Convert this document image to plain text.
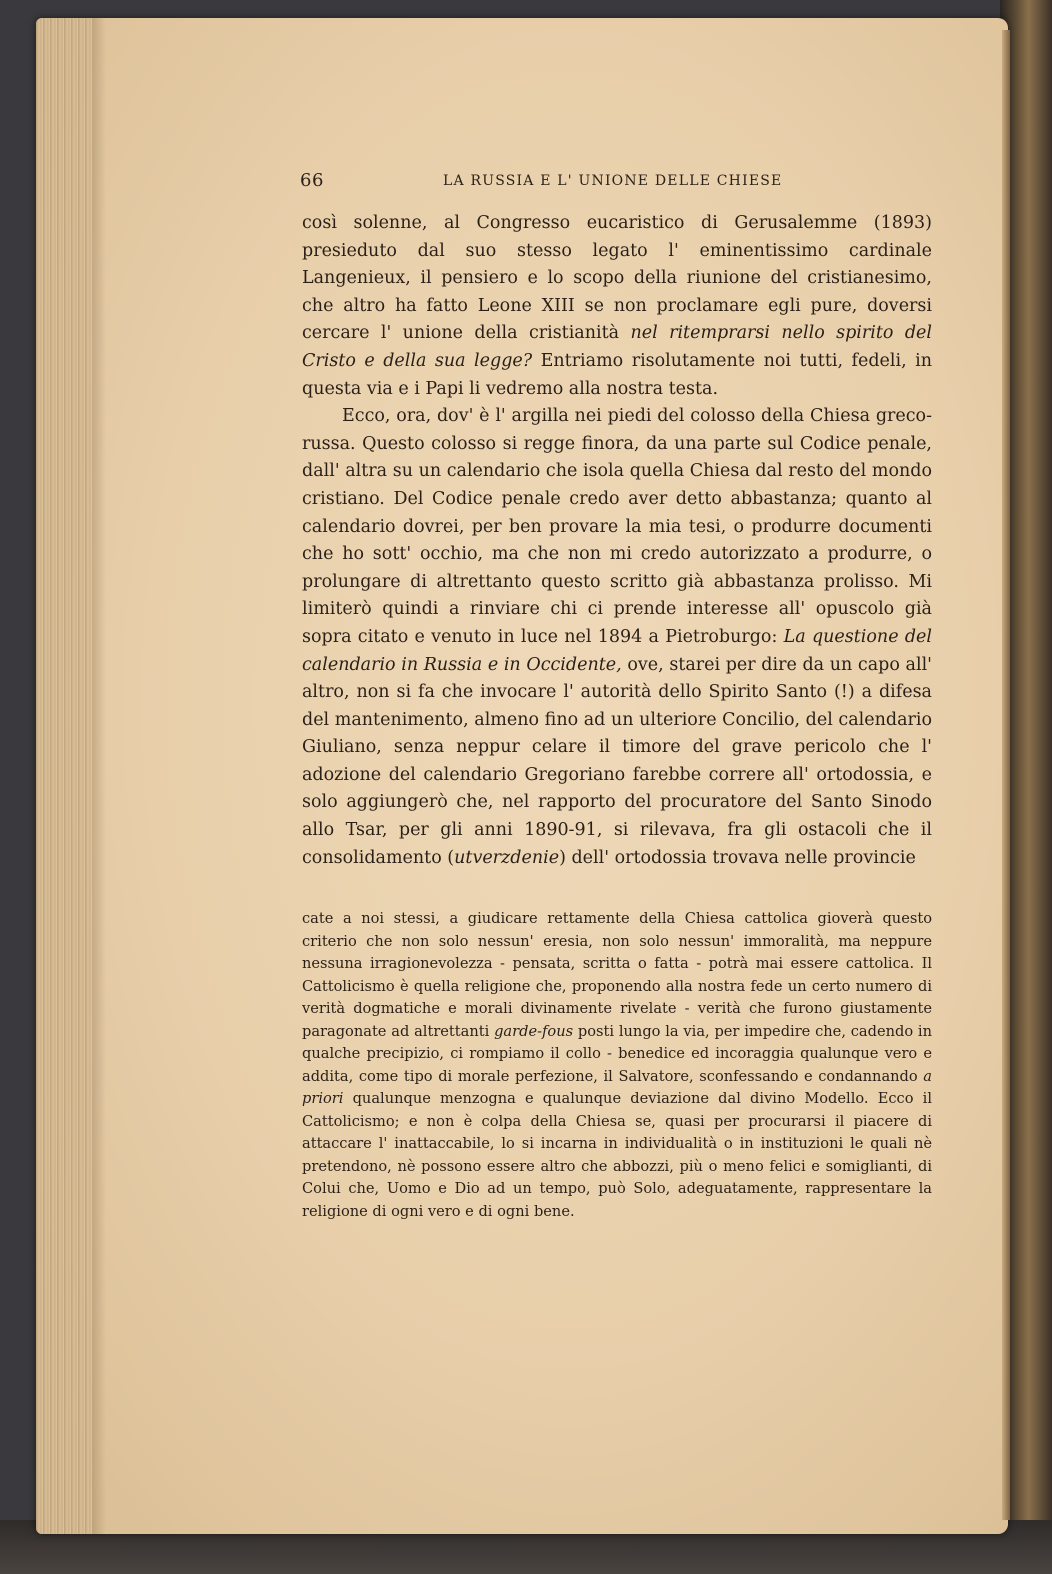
66	LA RUSSIA E L' UNIONE DELLE CHIESE

così solenne, al Congresso eucaristico di Gerusalemme (1893) presieduto dal suo stesso legato l' eminentissimo cardinale Langenieux, il pensiero e lo scopo della riunione del cristianesimo, che altro ha fatto Leone XIII se non proclamare egli pure, doversi cercare l' unione della cristianità nel ritemprarsi nello spirito del Cristo e della sua legge? Entriamo risolutamente noi tutti, fedeli, in questa via e i Papi li vedremo alla nostra testa.

Ecco, ora, dov' è l' argilla nei piedi del colosso della Chiesa greco-russa. Questo colosso si regge finora, da una parte sul Codice penale, dall' altra su un calendario che isola quella Chiesa dal resto del mondo cristiano. Del Codice penale credo aver detto abbastanza; quanto al calendario dovrei, per ben provare la mia tesi, o produrre documenti che ho sott' occhio, ma che non mi credo autorizzato a produrre, o prolungare di altrettanto questo scritto già abbastanza prolisso. Mi limiterò quindi a rinviare chi ci prende interesse all' opuscolo già sopra citato e venuto in luce nel 1894 a Pietroburgo: La questione del calendario in Russia e in Occidente, ove, starei per dire da un capo all' altro, non si fa che invocare l' autorità dello Spirito Santo (!) a difesa del mantenimento, almeno fino ad un ulteriore Concilio, del calendario Giuliano, senza neppur celare il timore del grave pericolo che l' adozione del calendario Gregoriano farebbe correre all' ortodossia, e solo aggiungerò che, nel rapporto del procuratore del Santo Sinodo allo Tsar, per gli anni 1890-91, si rilevava, fra gli ostacoli che il consolidamento (utverzdenie) dell' ortodossia trovava nelle provincie

cate a noi stessi, a giudicare rettamente della Chiesa cattolica gioverà questo criterio che non solo nessun' eresia, non solo nessun' immoralità, ma neppure nessuna irragionevolezza - pensata, scritta o fatta - potrà mai essere cattolica. Il Cattolicismo è quella religione che, proponendo alla nostra fede un certo numero di verità dogmatiche e morali divinamente rivelate - verità che furono giustamente paragonate ad altrettanti garde-fous posti lungo la via, per impedire che, cadendo in qualche precipizio, ci rompiamo il collo - benedice ed incoraggia qualunque vero e addita, come tipo di morale perfezione, il Salvatore, sconfessando e condannando a priori qualunque menzogna e qualunque deviazione dal divino Modello. Ecco il Cattolicismo; e non è colpa della Chiesa se, quasi per procurarsi il piacere di attaccare l' inattaccabile, lo si incarna in individualità o in instituzioni le quali nè pretendono, nè possono essere altro che abbozzi, più o meno felici e somiglianti, di Colui che, Uomo e Dio ad un tempo, può Solo, adeguatamente, rappresentare la religione di ogni vero e di ogni bene.
